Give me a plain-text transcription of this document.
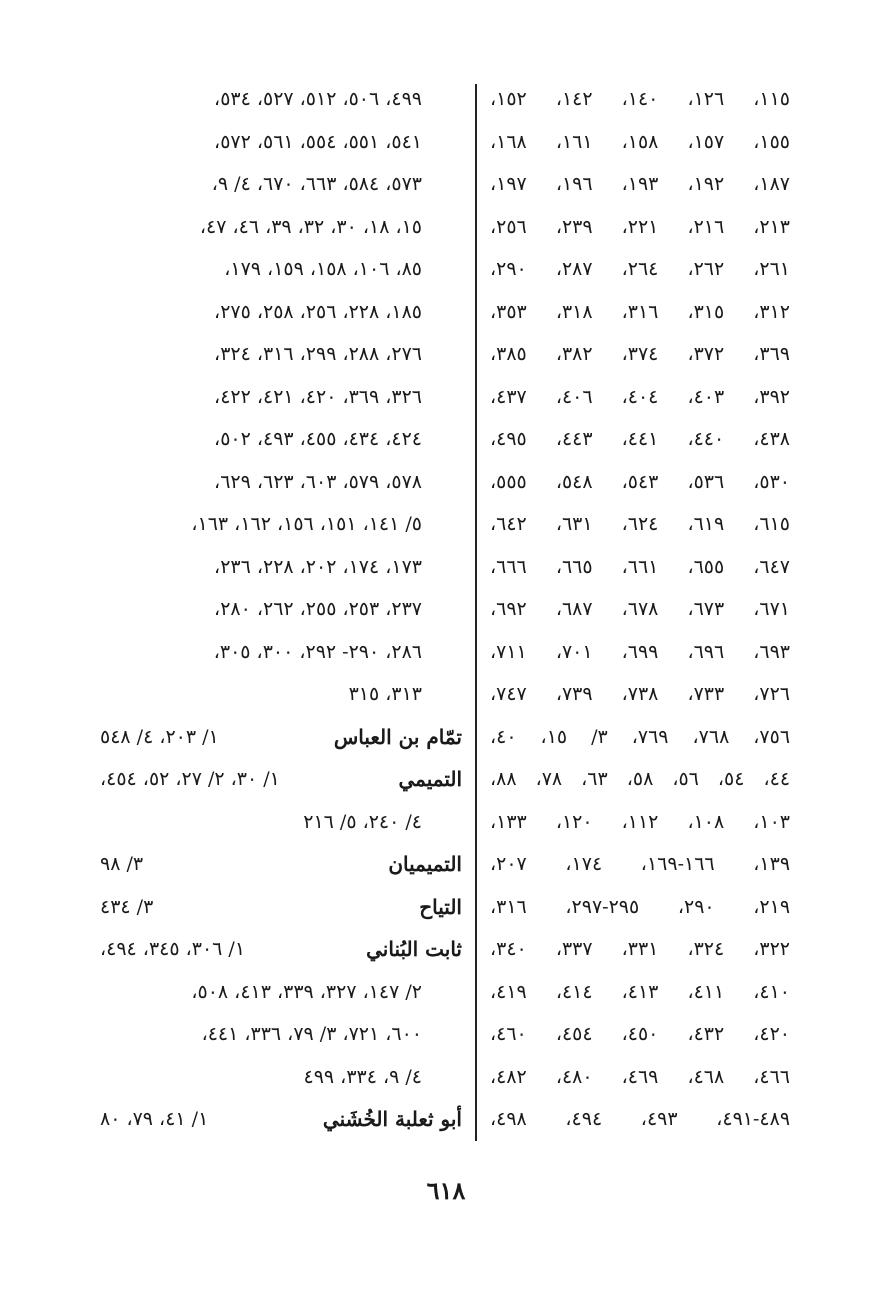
١١٥، ١٢٦، ١٤٠، ١٤٢، ١٥٢،
١٥٥، ١٥٧، ١٥٨، ١٦١، ١٦٨،
١٨٧، ١٩٢، ١٩٣، ١٩٦، ١٩٧،
٢١٣، ٢١٦، ٢٢١، ٢٣٩، ٢٥٦،
٢٦١، ٢٦٢، ٢٦٤، ٢٨٧، ٢٩٠،
٣١٢، ٣١٥، ٣١٦، ٣١٨، ٣٥٣،
٣٦٩، ٣٧٢، ٣٧٤، ٣٨٢، ٣٨٥،
٣٩٢، ٤٠٣، ٤٠٤، ٤٠٦، ٤٣٧،
٤٣٨، ٤٤٠، ٤٤١، ٤٤٣، ٤٩٥،
٥٣٠، ٥٣٦، ٥٤٣، ٥٤٨، ٥٥٥،
٦١٥، ٦١٩، ٦٢٤، ٦٣١، ٦٤٢،
٦٤٧، ٦٥٥، ٦٦١، ٦٦٥، ٦٦٦،
٦٧١، ٦٧٣، ٦٧٨، ٦٨٧، ٦٩٢،
٦٩٣، ٦٩٦، ٦٩٩، ٧٠١، ٧١١،
٧٢٦، ٧٣٣، ٧٣٨، ٧٣٩، ٧٤٧،
٧٥٦، ٧٦٨، ٧٦٩، ٣/ ١٥، ٤٠،
٤٤، ٥٤، ٥٦، ٥٨، ٦٣، ٧٨، ٨٨،
١٠٣، ١٠٨، ١١٢، ١٢٠، ١٣٣،
١٣٩، ١٦٦-١٦٩، ١٧٤، ٢٠٧،
٢١٩، ٢٩٠، ٢٩٥-٢٩٧، ٣١٦،
٣٢٢، ٣٢٤، ٣٣١، ٣٣٧، ٣٤٠،
٤١٠، ٤١١، ٤١٣، ٤١٤، ٤١٩،
٤٢٠، ٤٣٢، ٤٥٠، ٤٥٤، ٤٦٠،
٤٦٦، ٤٦٨، ٤٦٩، ٤٨٠، ٤٨٢،
٤٨٩-٤٩١، ٤٩٣، ٤٩٤، ٤٩٨،
٤٩٩، ٥٠٦، ٥١٢، ٥٢٧، ٥٣٤،
٥٤١، ٥٥١، ٥٥٤، ٥٦١، ٥٧٢،
٥٧٣، ٥٨٤، ٦٦٣، ٦٧٠، ٤/ ٩،
١٥، ١٨، ٣٠، ٣٢، ٣٩، ٤٦، ٤٧،
٨٥، ١٠٦، ١٥٨، ١٥٩، ١٧٩،
١٨٥، ٢٢٨، ٢٥٦، ٢٥٨، ٢٧٥،
٢٧٦، ٢٨٨، ٢٩٩، ٣١٦، ٣٢٤،
٣٢٦، ٣٦٩، ٤٢٠، ٤٢١، ٤٢٢،
٤٢٤، ٤٣٤، ٤٥٥، ٤٩٣، ٥٠٢،
٥٧٨، ٥٧٩، ٦٠٣، ٦٢٣، ٦٢٩،
٥/ ١٤١، ١٥١، ١٥٦، ١٦٢، ١٦٣،
١٧٣، ١٧٤، ٢٠٢، ٢٢٨، ٢٣٦،
٢٣٧، ٢٥٣، ٢٥٥، ٢٦٢، ٢٨٠،
٢٨٦، ٢٩٠- ٢٩٢، ٣٠٠، ٣٠٥،
٣١٣، ٣١٥
تمّام بن العباس
١/ ٢٠٣، ٤/ ٥٤٨
التميمي
١/ ٣٠، ٢/ ٢٧، ٥٢، ٤٥٤،
٤/ ٢٤٠، ٥/ ٢١٦
التميميان
٣/ ٩٨
التياح
٣/ ٤٣٤
ثابت البُناني
١/ ٣٠٦، ٣٤٥، ٤٩٤،
٢/ ١٤٧، ٣٢٧، ٣٣٩، ٤١٣، ٥٠٨،
٦٠٠، ٧٢١، ٣/ ٧٩، ٣٣٦، ٤٤١،
٤/ ٩، ٣٣٤، ٤٩٩
أبو ثعلبة الخُشَني
١/ ٤١، ٧٩، ٨٠
٦١٨
